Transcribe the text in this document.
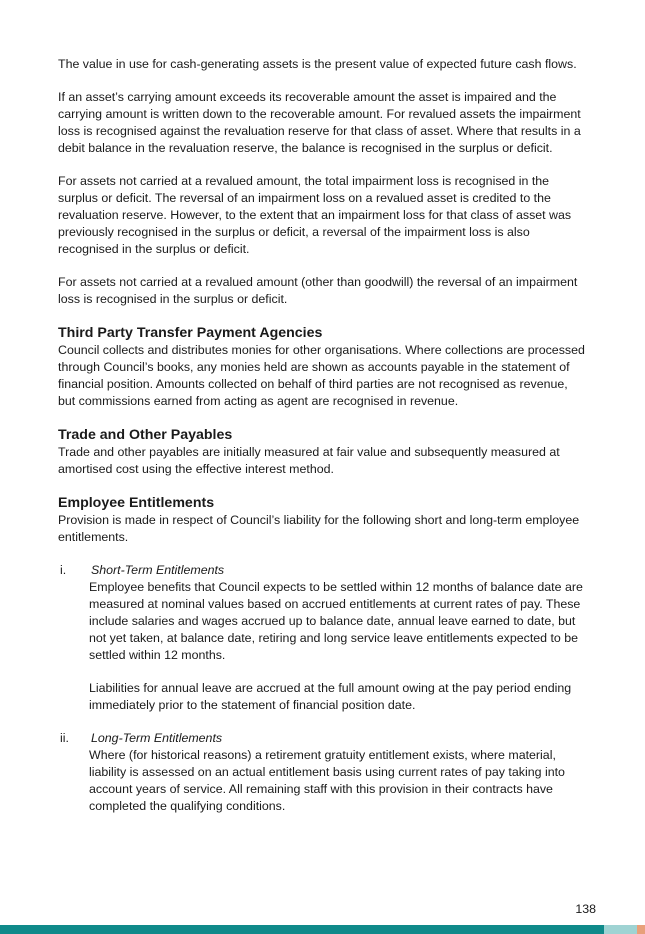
The value in use for cash-generating assets is the present value of expected future cash flows.

If an asset’s carrying amount exceeds its recoverable amount the asset is impaired and the carrying amount is written down to the recoverable amount. For revalued assets the impairment loss is recognised against the revaluation reserve for that class of asset. Where that results in a debit balance in the revaluation reserve, the balance is recognised in the surplus or deficit.

For assets not carried at a revalued amount, the total impairment loss is recognised in the surplus or deficit. The reversal of an impairment loss on a revalued asset is credited to the revaluation reserve. However, to the extent that an impairment loss for that class of asset was previously recognised in the surplus or deficit, a reversal of the impairment loss is also recognised in the surplus or deficit.

For assets not carried at a revalued amount (other than goodwill) the reversal of an impairment loss is recognised in the surplus or deficit.

Third Party Transfer Payment Agencies

Council collects and distributes monies for other organisations. Where collections are processed through Council’s books, any monies held are shown as accounts payable in the statement of financial position. Amounts collected on behalf of third parties are not recognised as revenue, but commissions earned from acting as agent are recognised in revenue.

Trade and Other Payables

Trade and other payables are initially measured at fair value and subsequently measured at amortised cost using the effective interest method.

Employee Entitlements

Provision is made in respect of Council’s liability for the following short and long-term employee entitlements.

i. Short-Term Entitlements

Employee benefits that Council expects to be settled within 12 months of balance date are measured at nominal values based on accrued entitlements at current rates of pay. These include salaries and wages accrued up to balance date, annual leave earned to date, but not yet taken, at balance date, retiring and long service leave entitlements expected to be settled within 12 months.

Liabilities for annual leave are accrued at the full amount owing at the pay period ending immediately prior to the statement of financial position date.

ii. Long-Term Entitlements

Where (for historical reasons) a retirement gratuity entitlement exists, where material, liability is assessed on an actual entitlement basis using current rates of pay taking into account years of service. All remaining staff with this provision in their contracts have completed the qualifying conditions.

138
